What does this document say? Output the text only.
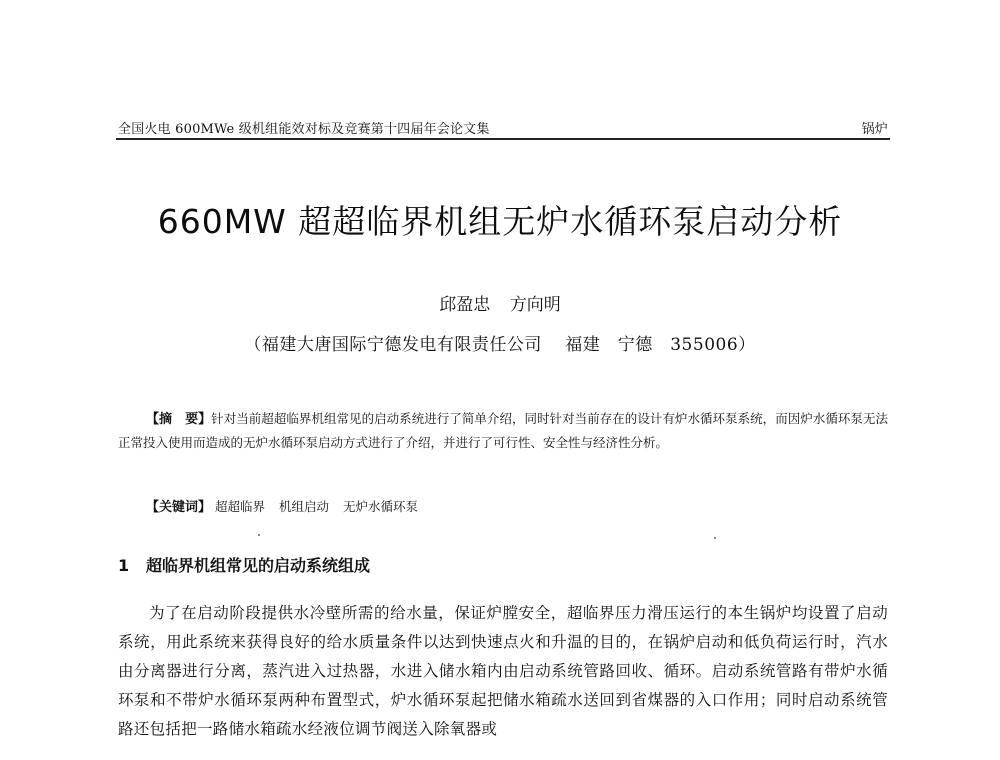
全国火电 600MWe 级机组能效对标及竞赛第十四届年会论文集	锅炉
660MW 超超临界机组无炉水循环泵启动分析
邱盈忠 方向明
（福建大唐国际宁德发电有限责任公司　 福建　宁德　355006）
【摘　要】针对当前超超临界机组常见的启动系统进行了简单介绍，同时针对当前存在的设计有炉水循环泵系统，而因炉水循环泵无法正常投入使用而造成的无炉水循环泵启动方式进行了介绍，并进行了可行性、安全性与经济性分析。
【关键词】 超超临界 机组启动 无炉水循环泵
1 超临界机组常见的启动系统组成
为了在启动阶段提供水冷壁所需的给水量，保证炉膛安全，超临界压力滑压运行的本生锅炉均设置了启动系统，用此系统来获得良好的给水质量条件以达到快速点火和升温的目的，在锅炉启动和低负荷运行时，汽水由分离器进行分离，蒸汽进入过热器，水进入储水箱内由启动系统管路回收、循环。启动系统管路有带炉水循环泵和不带炉水循环泵两种布置型式，炉水循环泵起把储水箱疏水送回到省煤器的入口作用；同时启动系统管路还包括把一路储水箱疏水经液位调节阀送入除氧器或
